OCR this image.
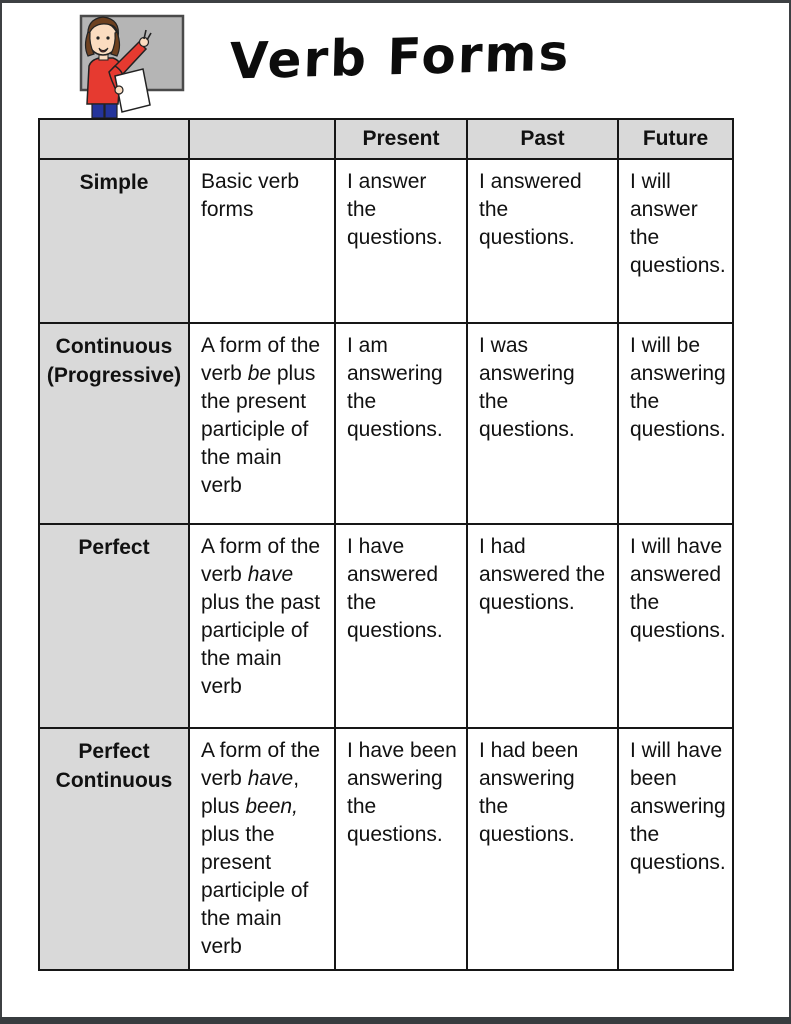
Verb Forms
		Present	Past	Future
Simple	Basic verb forms	I answer the questions.	I answered the questions.	I will answer the questions.
Continuous (Progressive)	A form of the verb be plus the present participle of the main verb	I am answering the questions.	I was answering the questions.	I will be answering the questions.
Perfect	A form of the verb have plus the past participle of the main verb	I have answered the questions.	I had answered the questions.	I will have answered the questions.
Perfect Continuous	A form of the verb have, plus been, plus the present participle of the main verb	I have been answering the questions.	I had been answering the questions.	I will have been answering the questions.
